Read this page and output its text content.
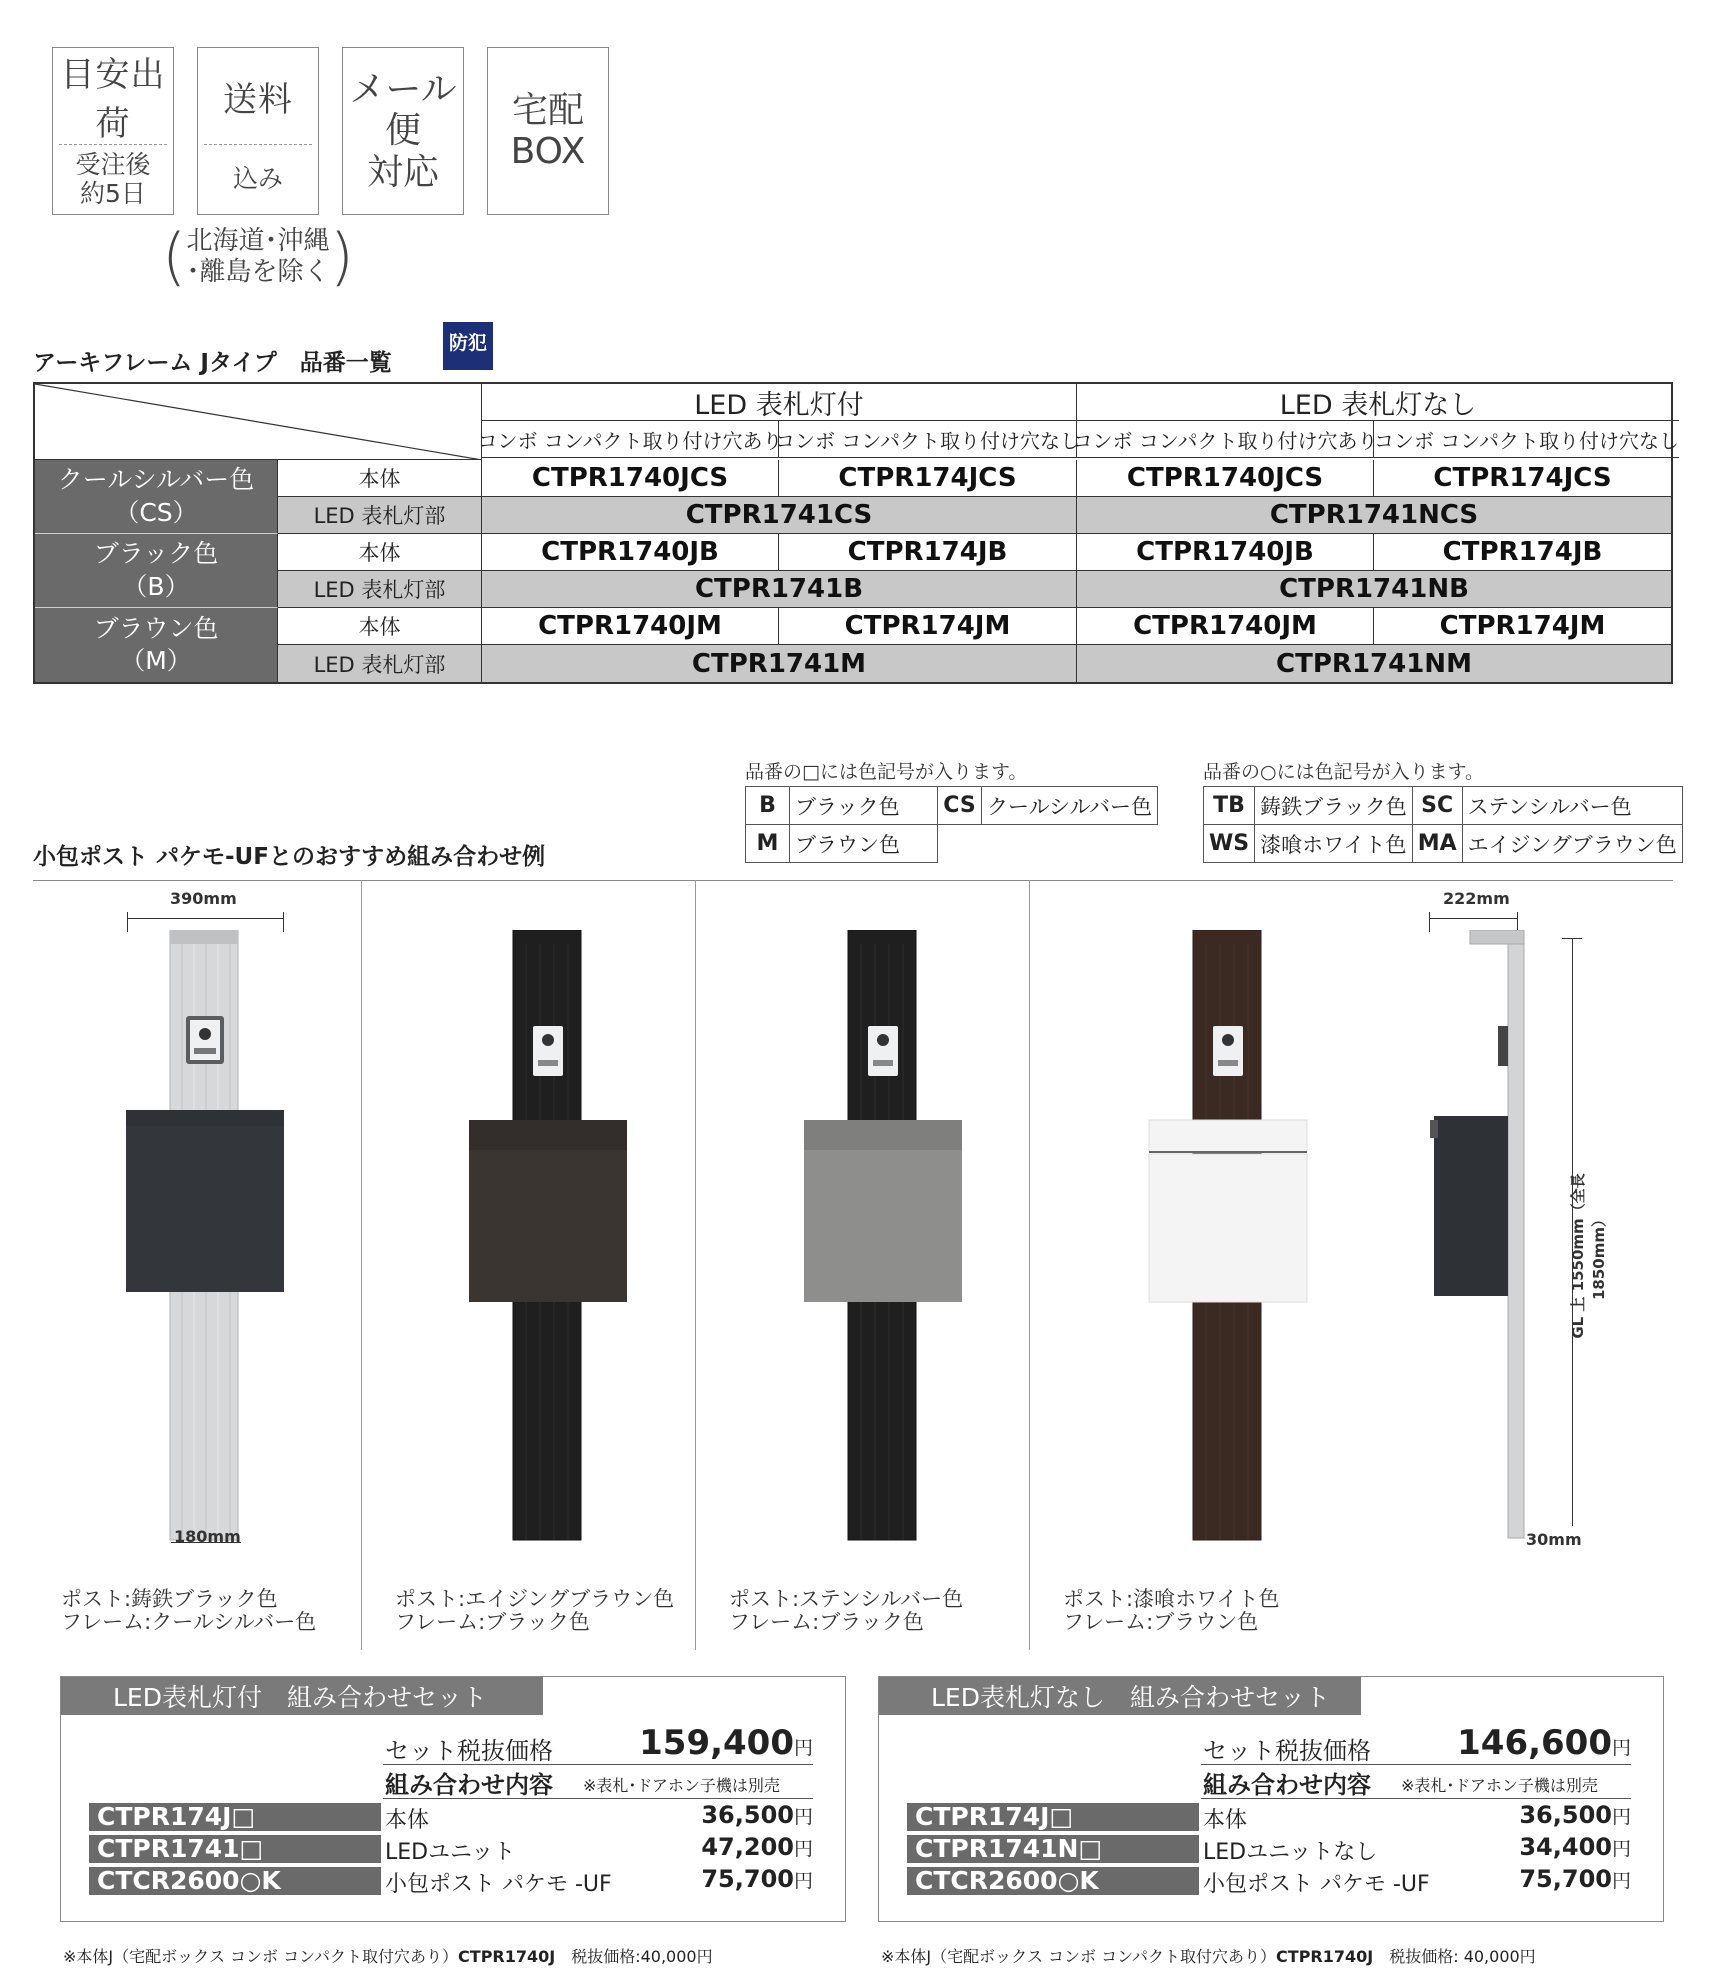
目安出荷
受注後
約5日
送料
込み
メール便
対応
宅配
BOX
( 北海道･沖縄
･離島を除く )
アーキフレーム Jタイプ　品番一覧
防犯
LED 表札灯付	LED 表札灯なし
コンボ コンパクト取り付け穴あり
コンボ コンパクト取り付け穴なし
コンボ コンパクト取り付け穴あり
コンボ コンパクト取り付け穴なし
クールシルバー色
（CS）
本体	CTPR1740JCS	CTPR174JCS	CTPR1740JCS	CTPR174JCS
LED 表札灯部	CTPR1741CS	CTPR1741NCS
ブラック色
（B）
本体	CTPR1740JB	CTPR174JB	CTPR1740JB	CTPR174JB
LED 表札灯部	CTPR1741B	CTPR1741NB
ブラウン色
（M）
本体	CTPR1740JM	CTPR174JM	CTPR1740JM	CTPR174JM
LED 表札灯部	CTPR1741M	CTPR1741NM
品番の□には色記号が入ります。
B	ブラック色	CS	クールシルバー色
M	ブラウン色		
品番の○には色記号が入ります。
TB	鋳鉄ブラック色	SC	ステンシルバー色
WS	漆喰ホワイト色	MA	エイジングブラウン色
小包ポスト パケモ-UFとのおすすめ組み合わせ例
390mm
180mm
222mm
GL 上 1550mm（全長 1850mm）
30mm
ポスト:鋳鉄ブラック色
フレーム:クールシルバー色
ポスト:エイジングブラウン色
フレーム:ブラック色
ポスト:ステンシルバー色
フレーム:ブラック色
ポスト:漆喰ホワイト色
フレーム:ブラウン色
LED表札灯付　組み合わせセット
セット税抜価格	159,400円
組み合わせ内容 ※表札･ドアホン子機は別売
CTPR174J□	本体	36,500円
CTPR1741□	LEDユニット	47,200円
CTCR2600○K	小包ポスト パケモ -UF	75,700円
※本体J（宅配ボックス コンボ コンパクト取付穴あり）CTPR1740J　税抜価格:40,000円
LED表札灯なし　組み合わせセット
セット税抜価格	146,600円
組み合わせ内容 ※表札･ドアホン子機は別売
CTPR174J□	本体	36,500円
CTPR1741N□	LEDユニットなし	34,400円
CTCR2600○K	小包ポスト パケモ -UF	75,700円
※本体J（宅配ボックス コンボ コンパクト取付穴あり）CTPR1740J　税抜価格: 40,000円
